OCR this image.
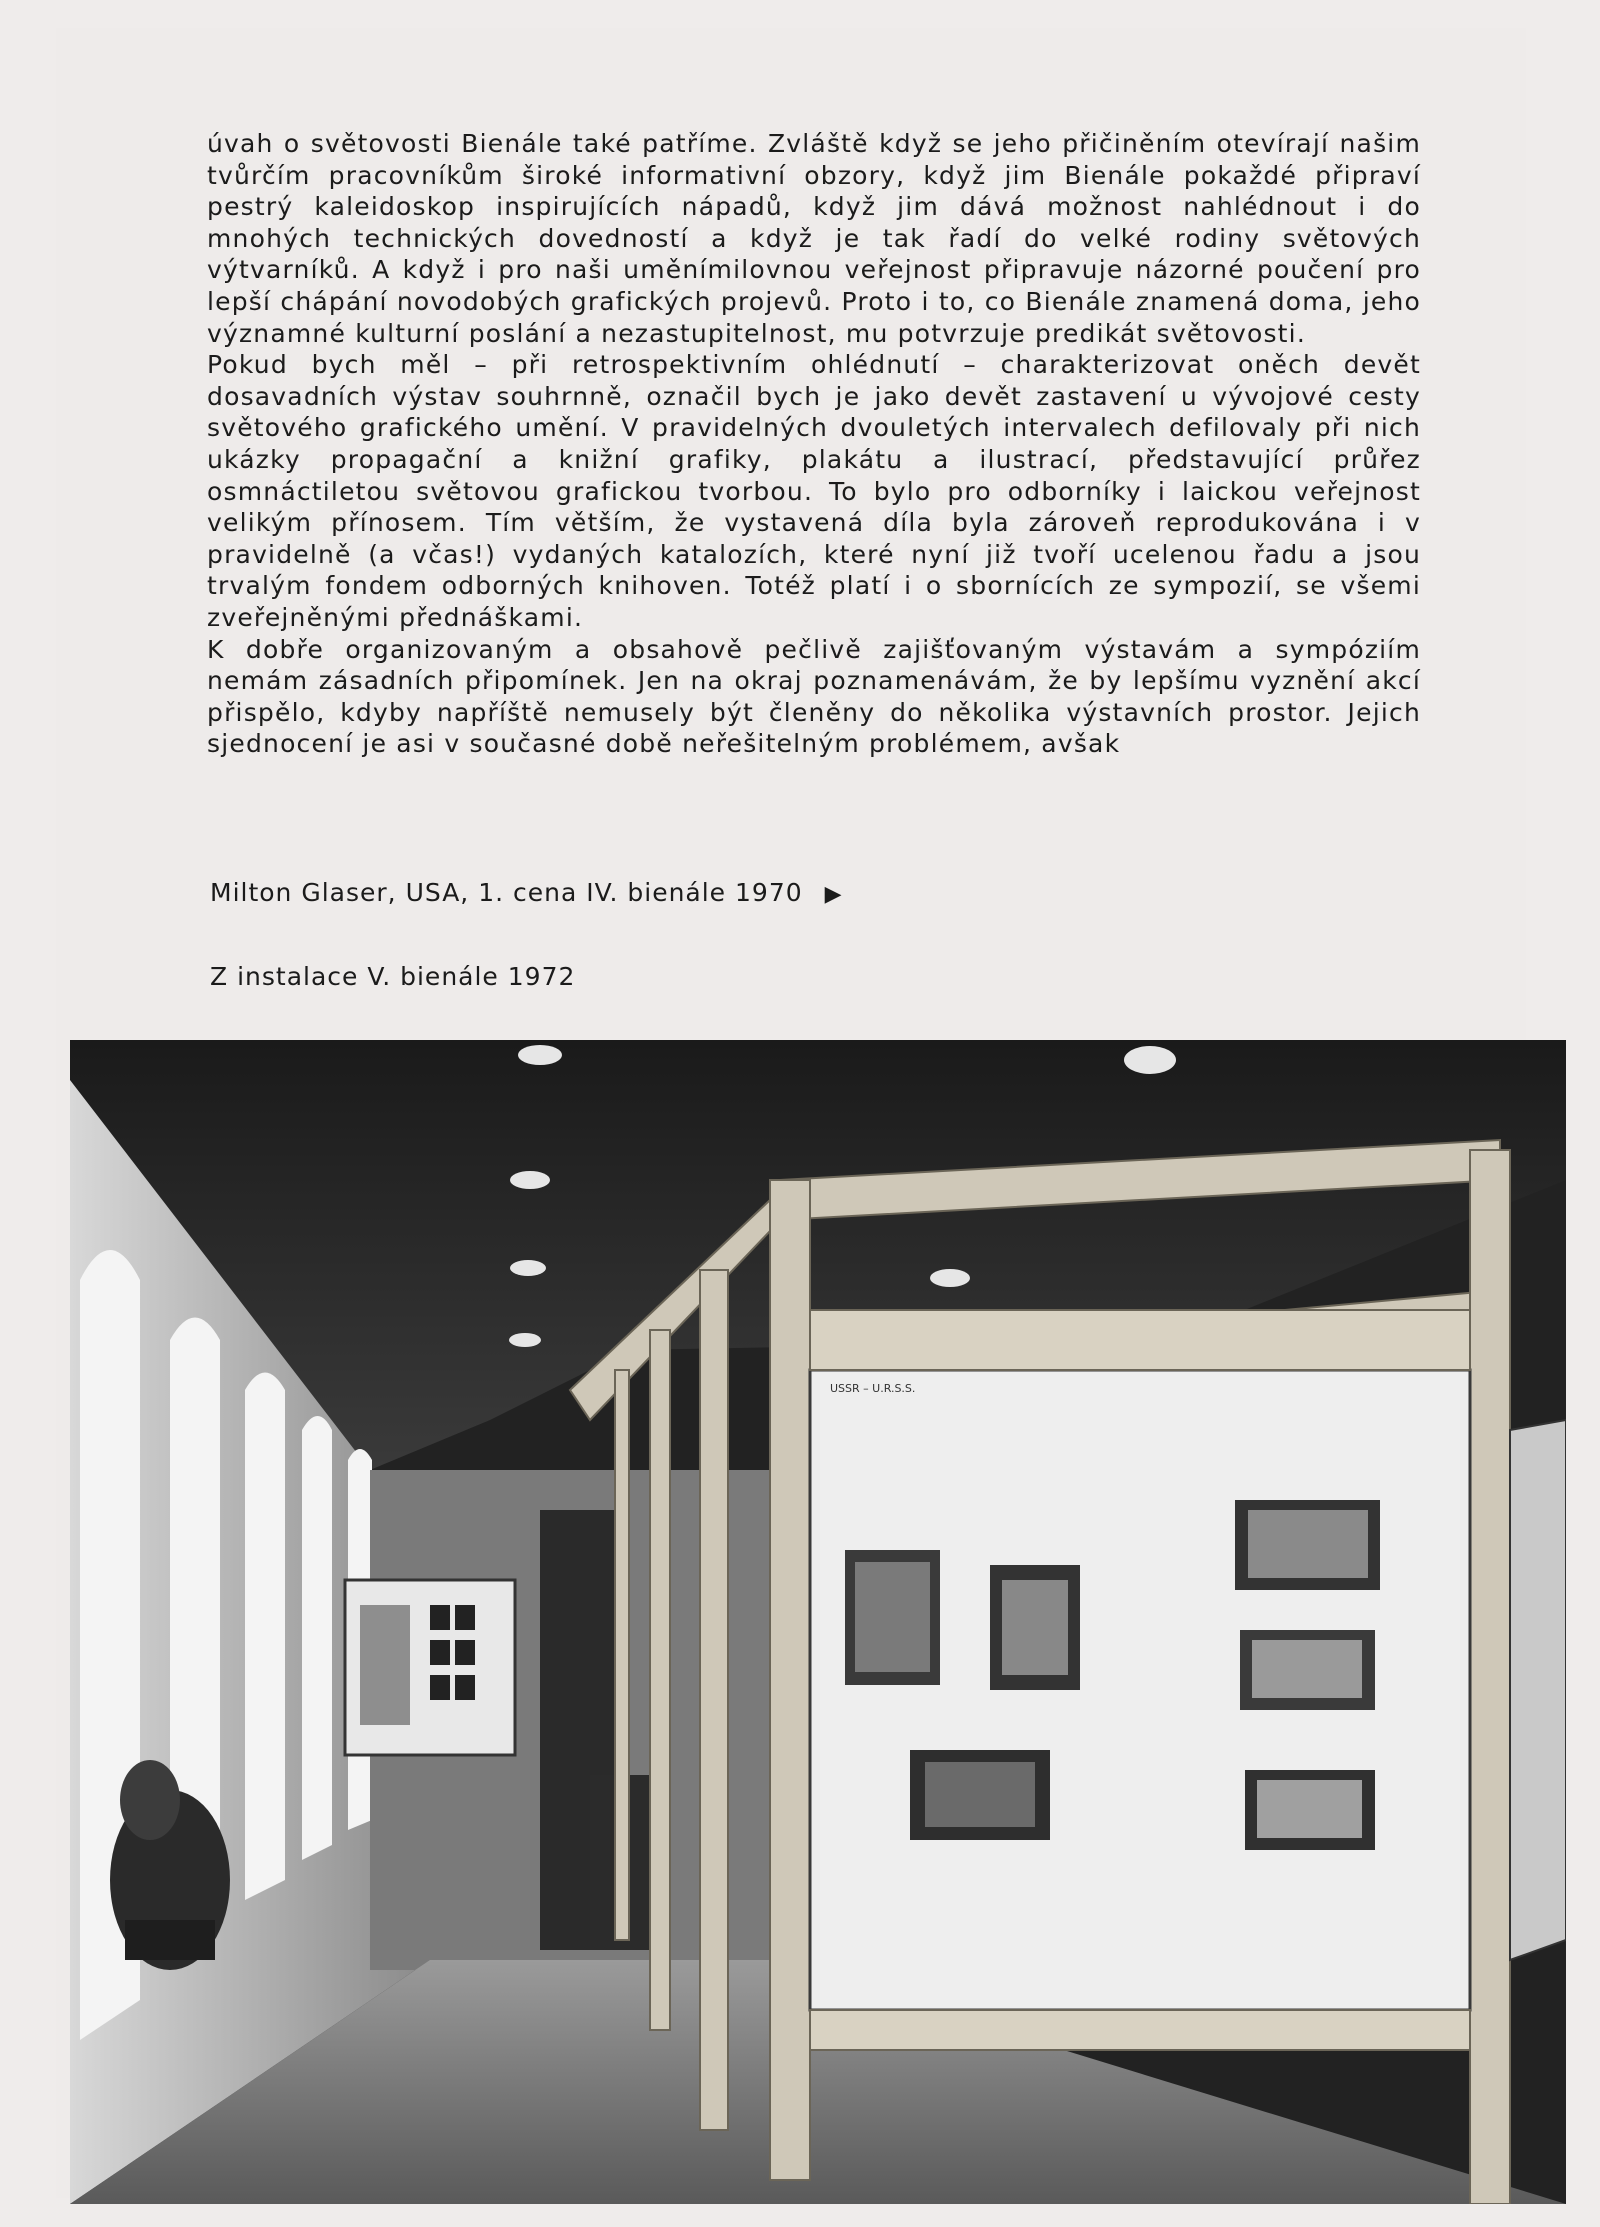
úvah o světovosti Bienále také patříme. Zvláště když se jeho přičiněním otevírají našim tvůrčím pracovníkům široké informativní obzory, když jim Bienále pokaždé připraví pestrý kaleidoskop inspirujících nápadů, když jim dává možnost nahlédnout i do mnohých technických dovedností a když je tak řadí do velké rodiny světových výtvarníků. A když i pro naši uměnímilovnou veřejnost připravuje názorné poučení pro lepší chápání novodobých grafických projevů. Proto i to, co Bienále znamená doma, jeho významné kulturní poslání a nezastupitelnost, mu potvrzuje predikát světovosti.

Pokud bych měl – při retrospektivním ohlédnutí – charakterizovat oněch devět dosavadních výstav souhrnně, označil bych je jako devět zastavení u vývojové cesty světového grafického umění. V pravidelných dvouletých intervalech defilovaly při nich ukázky propagační a knižní grafiky, plakátu a ilustrací, představující průřez osmnáctiletou světovou grafickou tvorbou. To bylo pro odborníky i laickou veřejnost velikým přínosem. Tím větším, že vystavená díla byla zároveň reprodukována i v pravidelně (a včas!) vydaných katalozích, které nyní již tvoří ucelenou řadu a jsou trvalým fondem odborných knihoven. Totéž platí i o sbornících ze sympozií, se všemi zveřejněnými přednáškami.

K dobře organizovaným a obsahově pečlivě zajišťovaným výstavám a sympóziím nemám zásadních připomínek. Jen na okraj poznamenávám, že by lepšímu vyznění akcí přispělo, kdyby napříště nemusely být členěny do několika výstavních prostor. Jejich sjednocení je asi v současné době neřešitelným problémem, avšak

Milton Glaser, USA, 1. cena IV. bienále 1970 ▶
Z instalace V. bienále 1972
USSR – U.R.S.S.
